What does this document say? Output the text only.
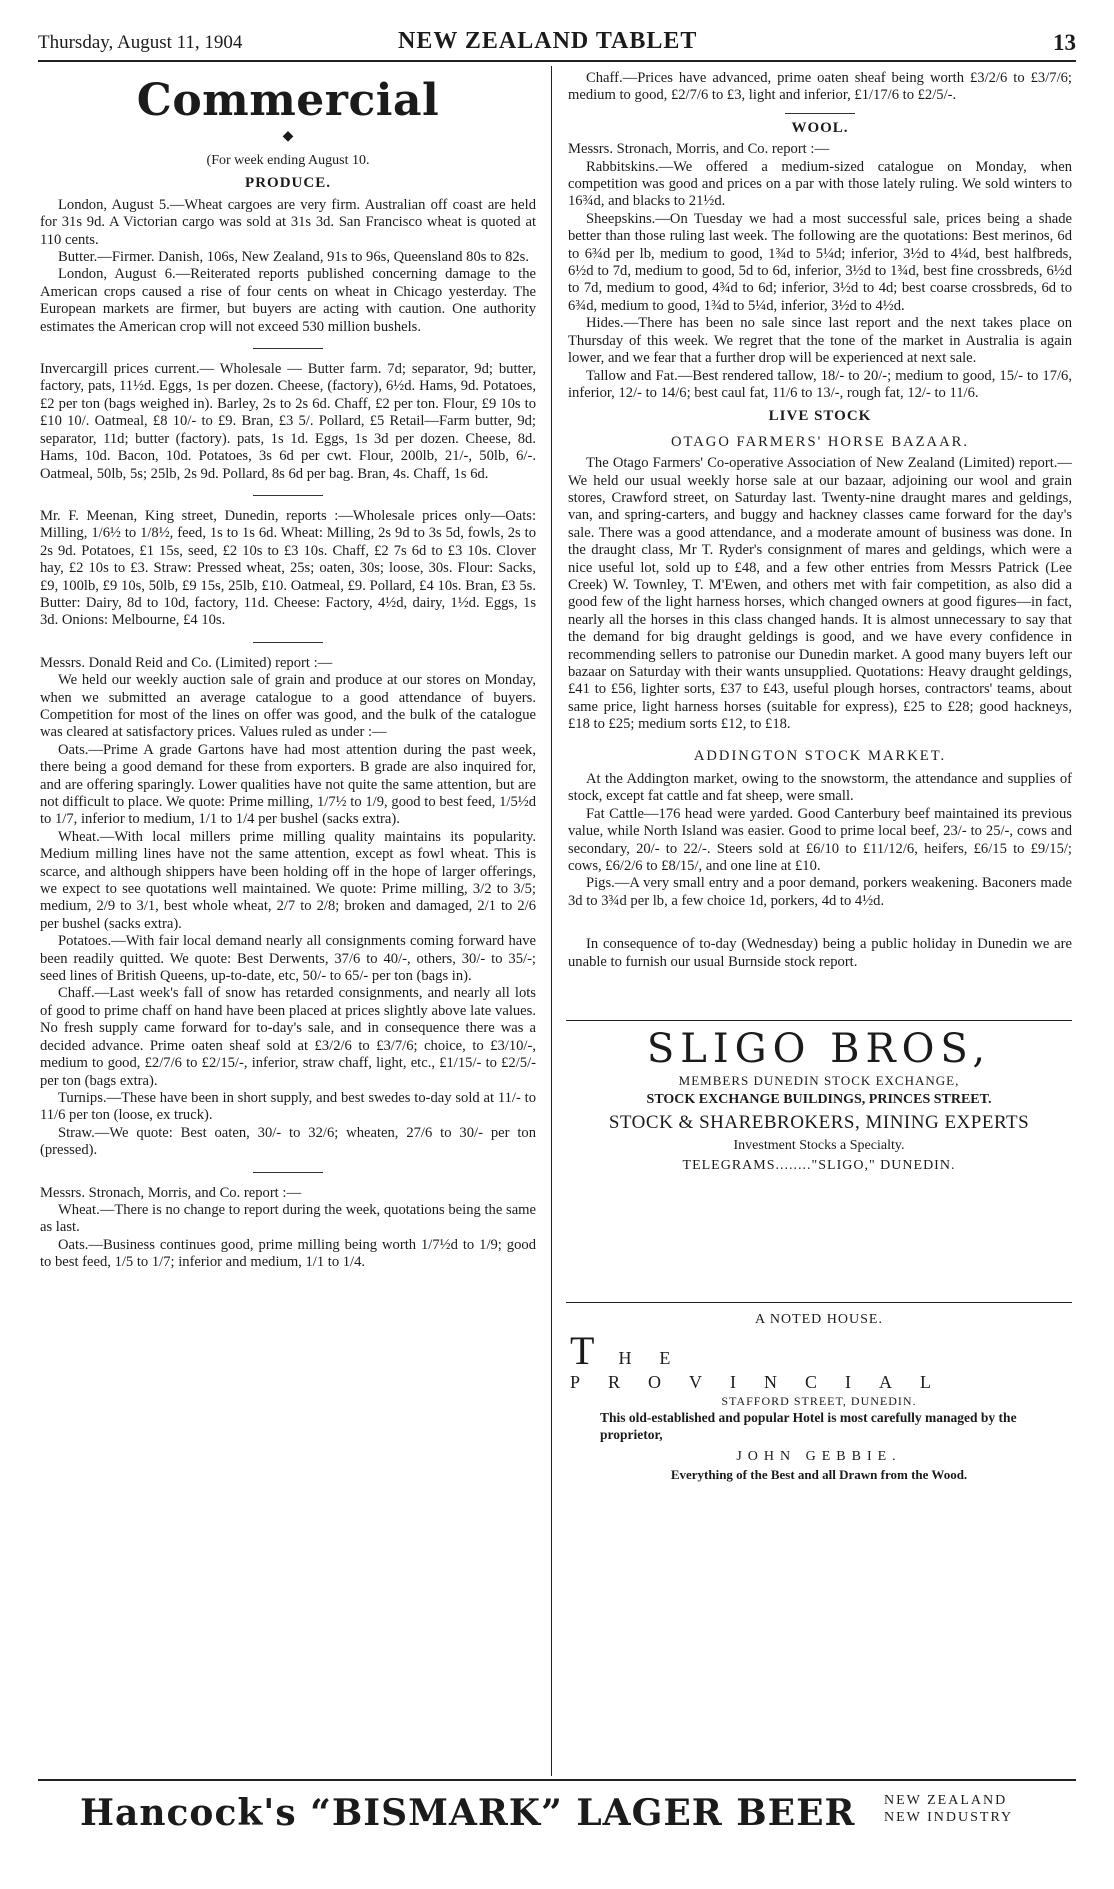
Thursday, August 11, 1904	NEW ZEALAND TABLET	13
Commercial
◆
(For week ending August 10.
PRODUCE.

London, August 5.—Wheat cargoes are very firm. Australian off coast are held for 31s 9d. A Victorian cargo was sold at 31s 3d. San Francisco wheat is quoted at 110 cents.

Butter.—Firmer. Danish, 106s, New Zealand, 91s to 96s, Queensland 80s to 82s.

London, August 6.—Reiterated reports published concerning damage to the American crops caused a rise of four cents on wheat in Chicago yesterday. The European markets are firmer, but buyers are acting with caution. One authority estimates the American crop will not exceed 530 million bushels.

Invercargill prices current.— Wholesale — Butter farm. 7d; separator, 9d; butter, factory, pats, 11½d. Eggs, 1s per dozen. Cheese, (factory), 6½d. Hams, 9d. Potatoes, £2 per ton (bags weighed in). Barley, 2s to 2s 6d. Chaff, £2 per ton. Flour, £9 10s to £10 10/. Oatmeal, £8 10/- to £9. Bran, £3 5/. Pollard, £5 Retail—Farm butter, 9d; separator, 11d; butter (factory). pats, 1s 1d. Eggs, 1s 3d per dozen. Cheese, 8d. Hams, 10d. Bacon, 10d. Potatoes, 3s 6d per cwt. Flour, 200lb, 21/-, 50lb, 6/-. Oatmeal, 50lb, 5s; 25lb, 2s 9d. Pollard, 8s 6d per bag. Bran, 4s. Chaff, 1s 6d.

Mr. F. Meenan, King street, Dunedin, reports :—Wholesale prices only—Oats: Milling, 1/6½ to 1/8½, feed, 1s to 1s 6d. Wheat: Milling, 2s 9d to 3s 5d, fowls, 2s to 2s 9d. Potatoes, £1 15s, seed, £2 10s to £3 10s. Chaff, £2 7s 6d to £3 10s. Clover hay, £2 10s to £3. Straw: Pressed wheat, 25s; oaten, 30s; loose, 30s. Flour: Sacks, £9, 100lb, £9 10s, 50lb, £9 15s, 25lb, £10. Oatmeal, £9. Pollard, £4 10s. Bran, £3 5s. Butter: Dairy, 8d to 10d, factory, 11d. Cheese: Factory, 4½d, dairy, 1½d. Eggs, 1s 3d. Onions: Melbourne, £4 10s.

Messrs. Donald Reid and Co. (Limited) report :—

We held our weekly auction sale of grain and produce at our stores on Monday, when we submitted an average catalogue to a good attendance of buyers. Competition for most of the lines on offer was good, and the bulk of the catalogue was cleared at satisfactory prices. Values ruled as under :—

Oats.—Prime A grade Gartons have had most attention during the past week, there being a good demand for these from exporters. B grade are also inquired for, and are offering sparingly. Lower qualities have not quite the same attention, but are not difficult to place. We quote: Prime milling, 1/7½ to 1/9, good to best feed, 1/5½d to 1/7, inferior to medium, 1/1 to 1/4 per bushel (sacks extra).

Wheat.—With local millers prime milling quality maintains its popularity. Medium milling lines have not the same attention, except as fowl wheat. This is scarce, and although shippers have been holding off in the hope of larger offerings, we expect to see quotations well maintained. We quote: Prime milling, 3/2 to 3/5; medium, 2/9 to 3/1, best whole wheat, 2/7 to 2/8; broken and damaged, 2/1 to 2/6 per bushel (sacks extra).

Potatoes.—With fair local demand nearly all consignments coming forward have been readily quitted. We quote: Best Derwents, 37/6 to 40/-, others, 30/- to 35/-; seed lines of British Queens, up-to-date, etc, 50/- to 65/- per ton (bags in).

Chaff.—Last week's fall of snow has retarded consignments, and nearly all lots of good to prime chaff on hand have been placed at prices slightly above late values. No fresh supply came forward for to-day's sale, and in consequence there was a decided advance. Prime oaten sheaf sold at £3/2/6 to £3/7/6; choice, to £3/10/-, medium to good, £2/7/6 to £2/15/-, inferior, straw chaff, light, etc., £1/15/- to £2/5/- per ton (bags extra).

Turnips.—These have been in short supply, and best swedes to-day sold at 11/- to 11/6 per ton (loose, ex truck).

Straw.—We quote: Best oaten, 30/- to 32/6; wheaten, 27/6 to 30/- per ton (pressed).

Messrs. Stronach, Morris, and Co. report :—

Wheat.—There is no change to report during the week, quotations being the same as last.

Oats.—Business continues good, prime milling being worth 1/7½d to 1/9; good to best feed, 1/5 to 1/7; inferior and medium, 1/1 to 1/4.

Chaff.—Prices have advanced, prime oaten sheaf being worth £3/2/6 to £3/7/6; medium to good, £2/7/6 to £3, light and inferior, £1/17/6 to £2/5/-.

WOOL.

Messrs. Stronach, Morris, and Co. report :—

Rabbitskins.—We offered a medium-sized catalogue on Monday, when competition was good and prices on a par with those lately ruling. We sold winters to 16¾d, and blacks to 21½d.

Sheepskins.—On Tuesday we had a most successful sale, prices being a shade better than those ruling last week. The following are the quotations: Best merinos, 6d to 6¾d per lb, medium to good, 1¾d to 5¼d; inferior, 3½d to 4¼d, best halfbreds, 6½d to 7d, medium to good, 5d to 6d, inferior, 3½d to 1¾d, best fine crossbreds, 6½d to 7d, medium to good, 4¾d to 6d; inferior, 3½d to 4d; best coarse crossbreds, 6d to 6¾d, medium to good, 1¾d to 5¼d, inferior, 3½d to 4½d.

Hides.—There has been no sale since last report and the next takes place on Thursday of this week. We regret that the tone of the market in Australia is again lower, and we fear that a further drop will be experienced at next sale.

Tallow and Fat.—Best rendered tallow, 18/- to 20/-; medium to good, 15/- to 17/6, inferior, 12/- to 14/6; best caul fat, 11/6 to 13/-, rough fat, 12/- to 11/6.

LIVE STOCK
OTAGO FARMERS' HORSE BAZAAR.

The Otago Farmers' Co-operative Association of New Zealand (Limited) report.—We held our usual weekly horse sale at our bazaar, adjoining our wool and grain stores, Crawford street, on Saturday last. Twenty-nine draught mares and geldings, van, and spring-carters, and buggy and hackney classes came forward for the day's sale. There was a good attendance, and a moderate amount of business was done. In the draught class, Mr T. Ryder's consignment of mares and geldings, which were a nice useful lot, sold up to £48, and a few other entries from Messrs Patrick (Lee Creek) W. Townley, T. M'Ewen, and others met with fair competition, as also did a good few of the light harness horses, which changed owners at good figures—in fact, nearly all the horses in this class changed hands. It is almost unnecessary to say that the demand for big draught geldings is good, and we have every confidence in recommending sellers to patronise our Dunedin market. A good many buyers left our bazaar on Saturday with their wants unsupplied. Quotations: Heavy draught geldings, £41 to £56, lighter sorts, £37 to £43, useful plough horses, contractors' teams, about same price, light harness horses (suitable for express), £25 to £28; good hackneys, £18 to £25; medium sorts £12, to £18.

ADDINGTON STOCK MARKET.

At the Addington market, owing to the snowstorm, the attendance and supplies of stock, except fat cattle and fat sheep, were small.

Fat Cattle—176 head were yarded. Good Canterbury beef maintained its previous value, while North Island was easier. Good to prime local beef, 23/- to 25/-, cows and secondary, 20/- to 22/-. Steers sold at £6/10 to £11/12/6, heifers, £6/15 to £9/15/; cows, £6/2/6 to £8/15/, and one line at £10.

Pigs.—A very small entry and a poor demand, porkers weakening. Baconers made 3d to 3¾d per lb, a few choice 1d, porkers, 4d to 4½d.

In consequence of to-day (Wednesday) being a public holiday in Dunedin we are unable to furnish our usual Burnside stock report.

SLIGO BROS,
MEMBERS DUNEDIN STOCK EXCHANGE,
STOCK EXCHANGE BUILDINGS, PRINCES STREET.
STOCK & SHAREBROKERS, MINING EXPERTS
Investment Stocks a Specialty.
TELEGRAMS........"SLIGO," DUNEDIN.
A NOTED HOUSE.
THE PROVINCIAL
STAFFORD STREET, DUNEDIN.
This old-established and popular Hotel is most carefully managed by the proprietor,
JOHN GEBBIE.
Everything of the Best and all Drawn from the Wood.
Hancock's “BISMARK” LAGER BEER NEW ZEALAND
NEW INDUSTRY
